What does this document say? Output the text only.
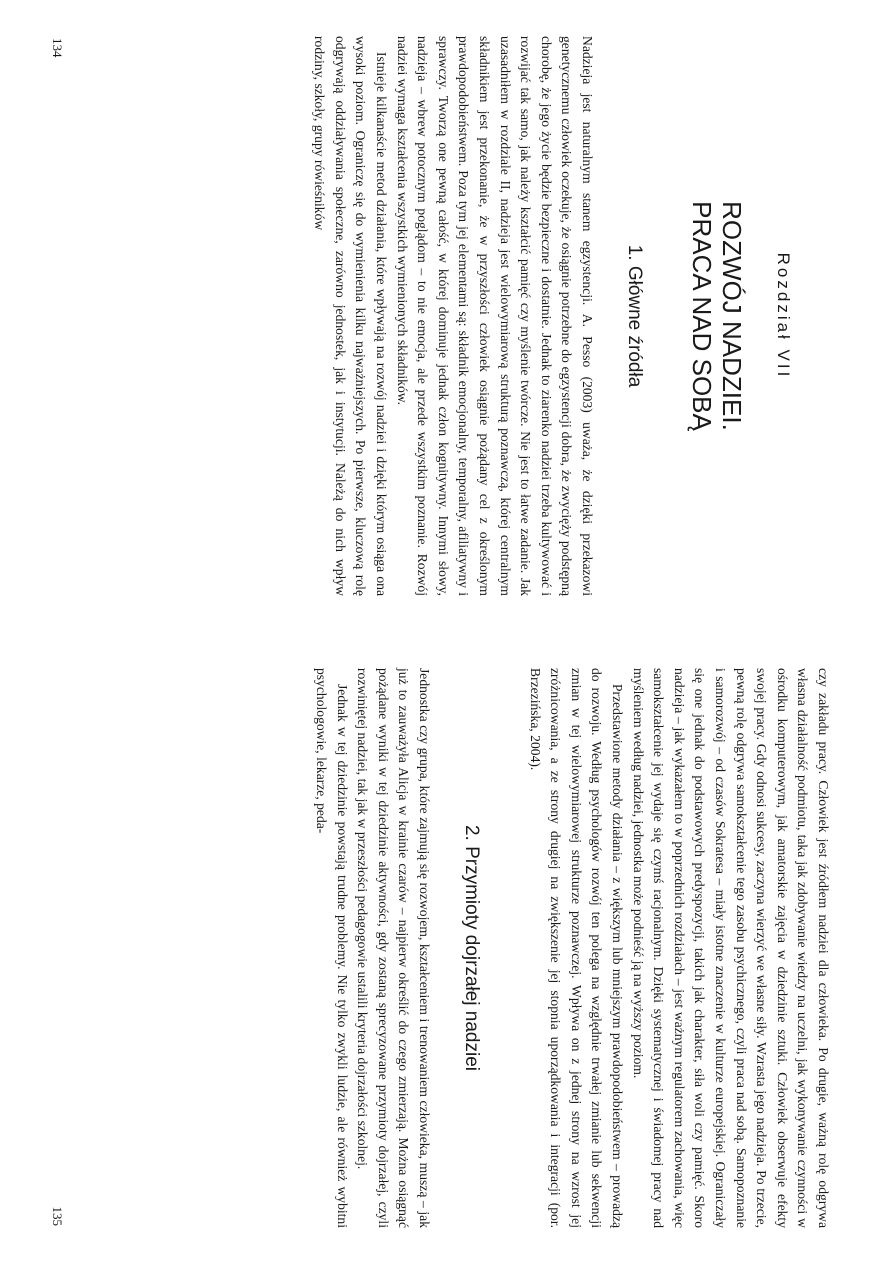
Rozdział VII
ROZWÓJ NADZIEI.
PRACA NAD SOBĄ
1. Główne źródła

Nadzieja jest naturalnym stanem egzystencji. A. Pesso (2003) uważa, że dzięki przekazowi genetycznemu człowiek oczekuje, że osiągnie potrzebne do egzystencji dobra, że zwycięży podstępną chorobę, że jego życie będzie bezpieczne i dostatnie. Jednak to ziarenko nadziei trzeba kultywować i rozwijać tak samo, jak należy kształcić pamięć czy myślenie twórcze. Nie jest to łatwe zadanie. Jak uzasadniłem w rozdziale II, nadzieja jest wielowymiarową strukturą poznawczą, której centralnym składnikiem jest przekonanie, że w przyszłości człowiek osiągnie pożądany cel z określonym prawdopodobieństwem. Poza tym jej elementami są: składnik emocjonalny, temporalny, afiliatywny i sprawczy. Tworzą one pewną całość, w której dominuje jednak człon kognitywny. Innymi słowy, nadzieja – wbrew potocznym poglądom – to nie emocja, ale przede wszystkim poznanie. Rozwój nadziei wymaga kształcenia wszystkich wymienionych składników.

Istnieje kilkanaście metod działania, które wpływają na rozwój nadziei i dzięki którym osiąga ona wysoki poziom. Ograniczę się do wymienienia kilku najważniejszych. Po pierwsze, kluczową rolę odgrywają oddziaływania społeczne, zarówno jednostek, jak i instytucji. Należą do nich wpływ rodziny, szkoły, grupy rówieśników

134

czy zakładu pracy. Człowiek jest źródłem nadziei dla człowieka. Po drugie, ważną rolę odgrywa własna działalność podmiotu, taka jak zdobywanie wiedzy na uczelni, jak wykonywanie czynności w ośrodku komputerowym, jak amatorskie zajęcia w dziedzinie sztuki. Człowiek obserwuje efekty swojej pracy. Gdy odnosi sukcesy, zaczyna wierzyć we własne siły. Wzrasta jego nadzieja. Po trzecie, pewną rolę odgrywa samokształcenie tego zasobu psychicznego, czyli praca nad sobą. Samopoznanie i samorozwój – od czasów Sokratesa – miały istotne znaczenie w kulturze europejskiej. Ograniczały się one jednak do podstawowych predyspozycji, takich jak charakter, siła woli czy pamięć. Skoro nadzieja – jak wykazałem to w poprzednich rozdziałach – jest ważnym regulatorem zachowania, więc samokształcenie jej wydaje się czymś racjonalnym. Dzięki systematycznej i świadomej pracy nad myśleniem według nadziei, jednostka może podnieść ją na wyższy poziom.

Przedstawione metody działania – z większym lub mniejszym prawdopodobieństwem – prowadzą do rozwoju. Według psychologów rozwój ten polega na względnie trwałej zmianie lub sekwencji zmian w tej wielowymiarowej strukturze poznawczej. Wpływa on z jednej strony na wzrost jej zróżnicowania, a ze strony drugiej na zwiększenie jej stopnia uporządkowania i integracji (por. Brzezińska, 2004).

2. Przymioty dojrzałej nadziei

Jednostka czy grupa, które zajmują się rozwojem, kształceniem i trenowaniem człowieka, muszą – jak już to zauważyła Alicja w krainie czarów – najpierw określić do czego zmierzają. Można osiągnąć pożądane wyniki w tej dziedzinie aktywności, gdy zostaną sprecyzowane przymioty dojrzałej, czyli rozwiniętej nadziei, tak jak w przeszłości pedagogowie ustalili kryteria dojrzałości szkolnej.

Jednak w tej dziedzinie powstają trudne problemy. Nie tylko zwykli ludzie, ale również wybitni psychologowie, lekarze, peda-

135
